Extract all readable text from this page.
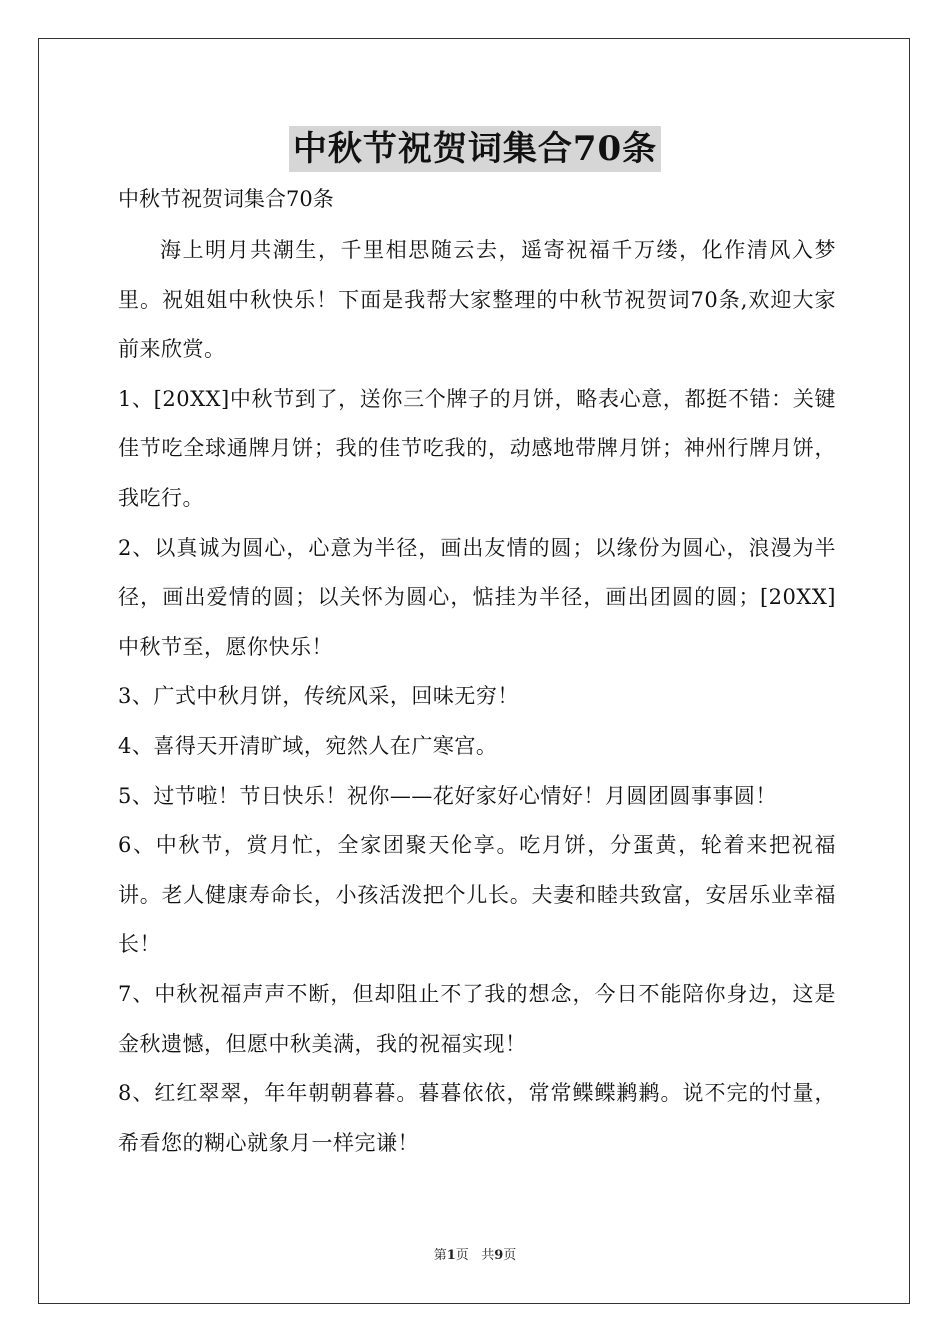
中秋节祝贺词集合70条

中秋节祝贺词集合70条

海上明月共潮生，千里相思随云去，遥寄祝福千万缕，化作清风入梦里。祝姐姐中秋快乐！下面是我帮大家整理的中秋节祝贺词70条,欢迎大家前来欣赏。

1、[20XX]中秋节到了，送你三个牌子的月饼，略表心意，都挺不错：关键佳节吃全球通牌月饼；我的佳节吃我的，动感地带牌月饼；神州行牌月饼，我吃行。

2、以真诚为圆心，心意为半径，画出友情的圆；以缘份为圆心，浪漫为半径，画出爱情的圆；以关怀为圆心，惦挂为半径，画出团圆的圆；[20XX]中秋节至，愿你快乐！

3、广式中秋月饼，传统风采，回味无穷！

4、喜得天开清旷域，宛然人在广寒宫。

5、过节啦！节日快乐！祝你——花好家好心情好！月圆团圆事事圆！

6、中秋节，赏月忙，全家团聚天伦享。吃月饼，分蛋黄，轮着来把祝福讲。老人健康寿命长，小孩活泼把个儿长。夫妻和睦共致富，安居乐业幸福长！

7、中秋祝福声声不断，但却阻止不了我的想念，今日不能陪你身边，这是金秋遗憾，但愿中秋美满，我的祝福实现！

8、红红翠翠，年年朝朝暮暮。暮暮依依，常常鲽鲽鹣鹣。说不完的忖量，希看您的糊心就象月一样完谦！

第1页 共9页
